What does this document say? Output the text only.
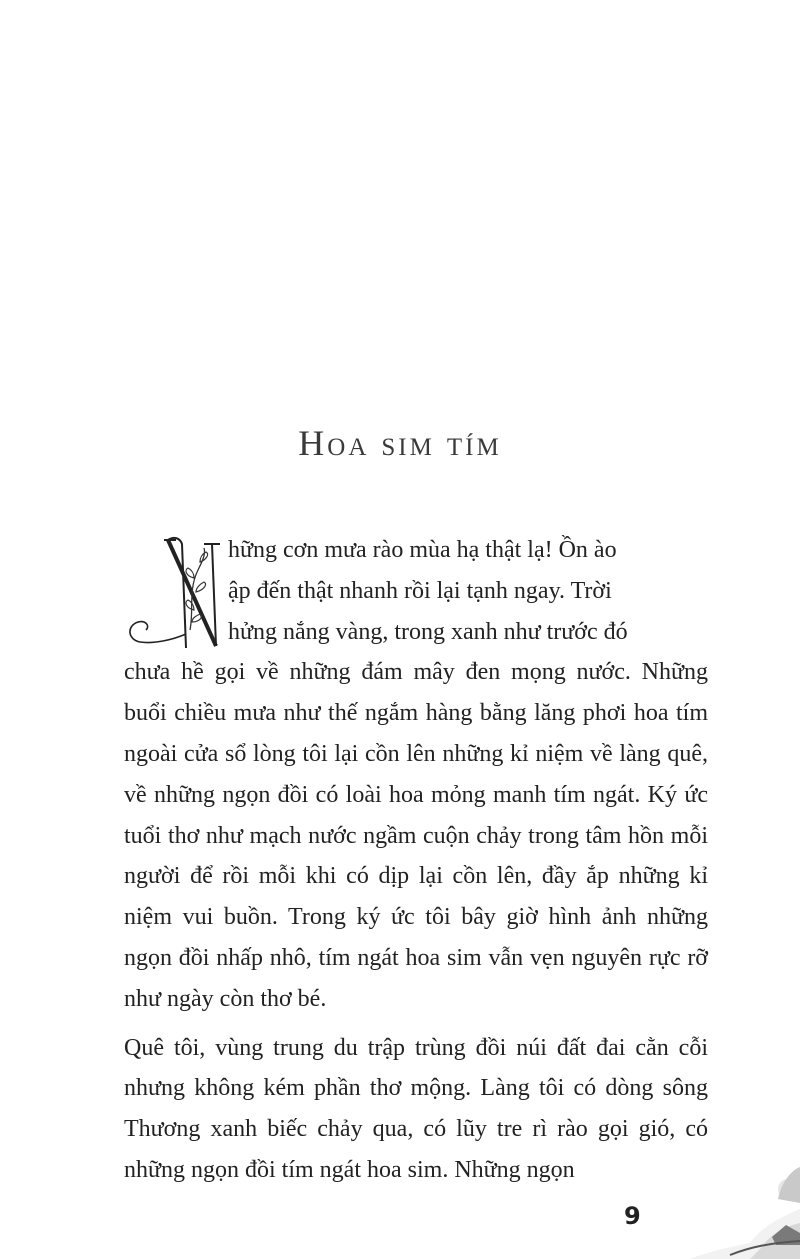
Hoa sim tím
hững cơn mưa rào mùa hạ thật lạ! Ồn ào
ập đến thật nhanh rồi lại tạnh ngay. Trời
hửng nắng vàng, trong xanh như trước đó

chưa hề gọi về những đám mây đen mọng nước. Những buổi chiều mưa như thế ngắm hàng bằng lăng phơi hoa tím ngoài cửa sổ lòng tôi lại cồn lên những kỉ niệm về làng quê, về những ngọn đồi có loài hoa mỏng manh tím ngát. Ký ức tuổi thơ như mạch nước ngầm cuộn chảy trong tâm hồn mỗi người để rồi mỗi khi có dịp lại cồn lên, đầy ắp những kỉ niệm vui buồn. Trong ký ức tôi bây giờ hình ảnh những ngọn đồi nhấp nhô, tím ngát hoa sim vẫn vẹn nguyên rực rỡ như ngày còn thơ bé.

Quê tôi, vùng trung du trập trùng đồi núi đất đai cằn cỗi nhưng không kém phần thơ mộng. Làng tôi có dòng sông Thương xanh biếc chảy qua, có lũy tre rì rào gọi gió, có những ngọn đồi tím ngát hoa sim. Những ngọn

9
